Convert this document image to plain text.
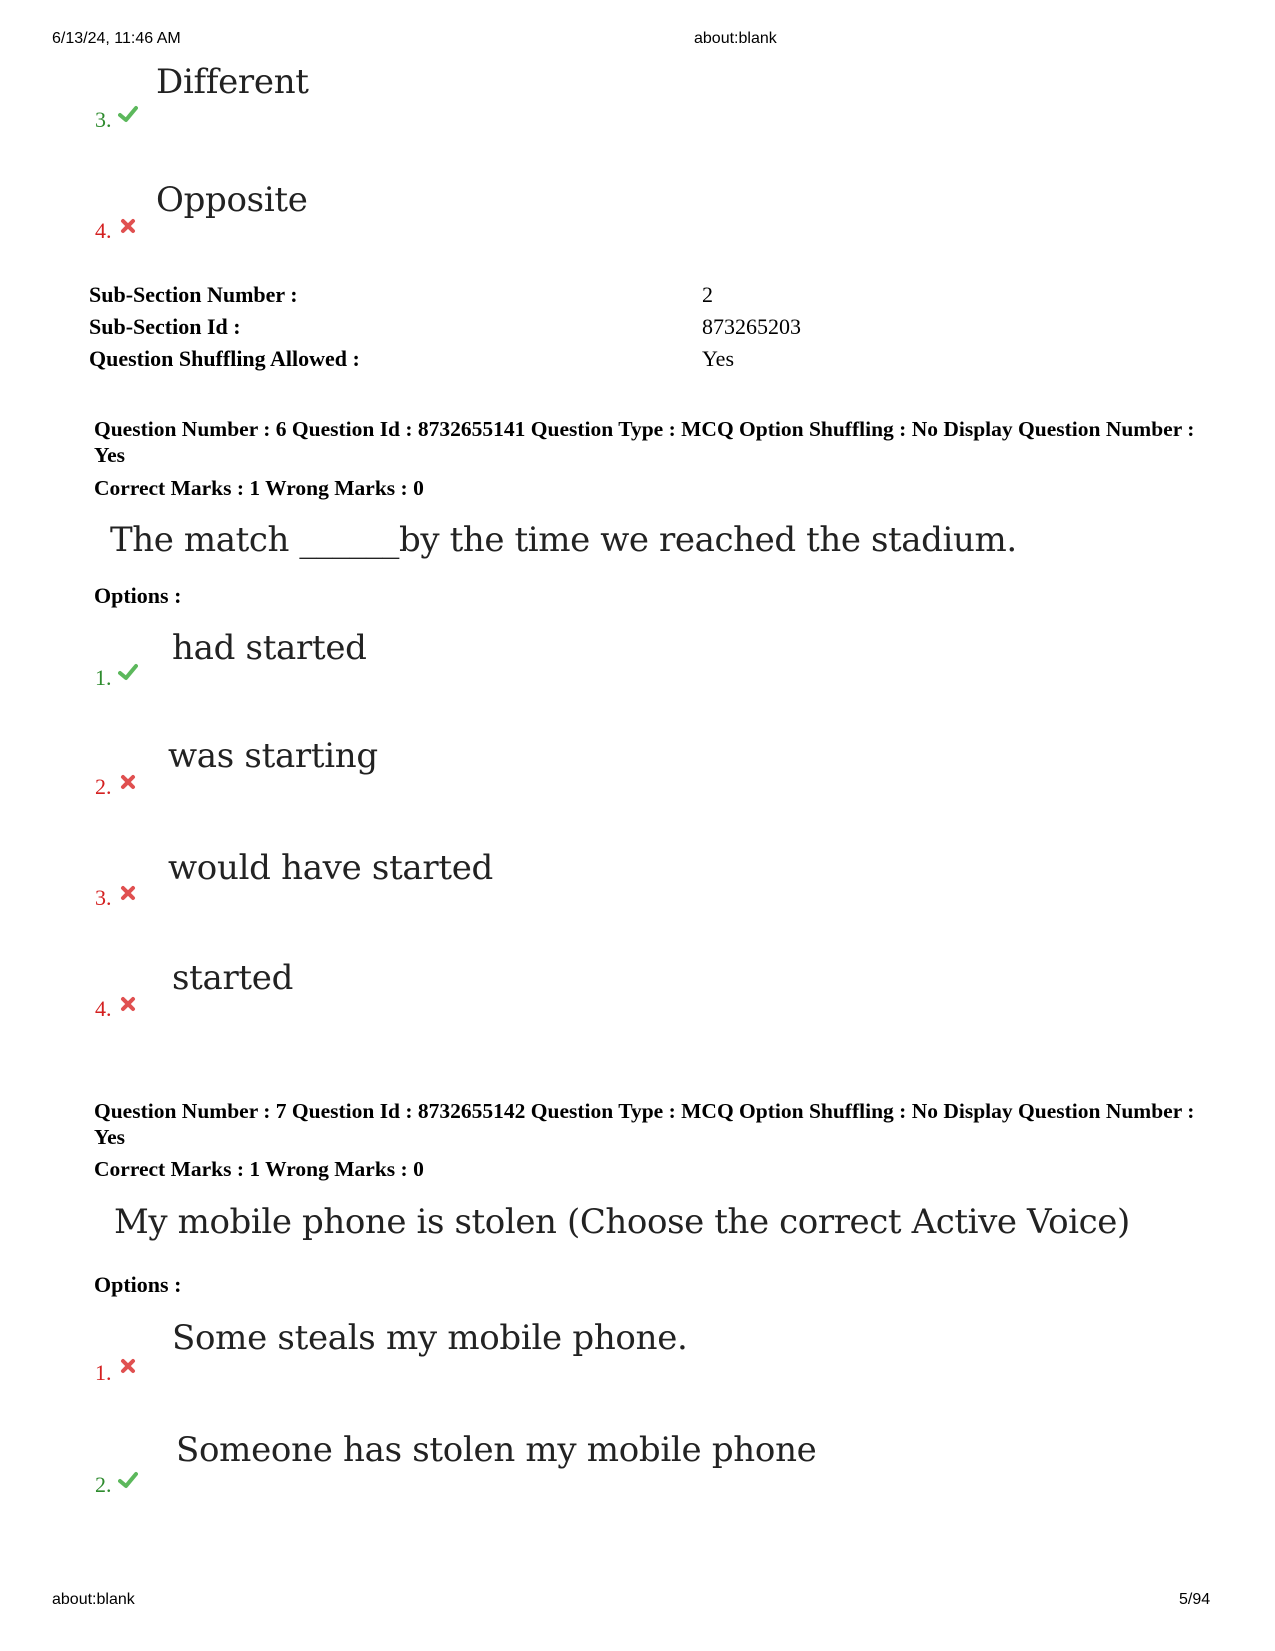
6/13/24, 11:46 AM	about:blank
Different
3.
Opposite
4.
Sub-Section Number :	2
Sub-Section Id :	873265203
Question Shuffling Allowed :	Yes
Question Number : 6 Question Id : 8732655141 Question Type : MCQ Option Shuffling : No Display Question Number : Yes
Correct Marks : 1 Wrong Marks : 0
The match ______by the time we reached the stadium.
Options :
had started
1.
was starting
2.
would have started
3.
started
4.
Question Number : 7 Question Id : 8732655142 Question Type : MCQ Option Shuffling : No Display Question Number : Yes
Correct Marks : 1 Wrong Marks : 0
My mobile phone is stolen (Choose the correct Active Voice)
Options :
Some steals my mobile phone.
1.
Someone has stolen my mobile phone
2.
about:blank	5/94
